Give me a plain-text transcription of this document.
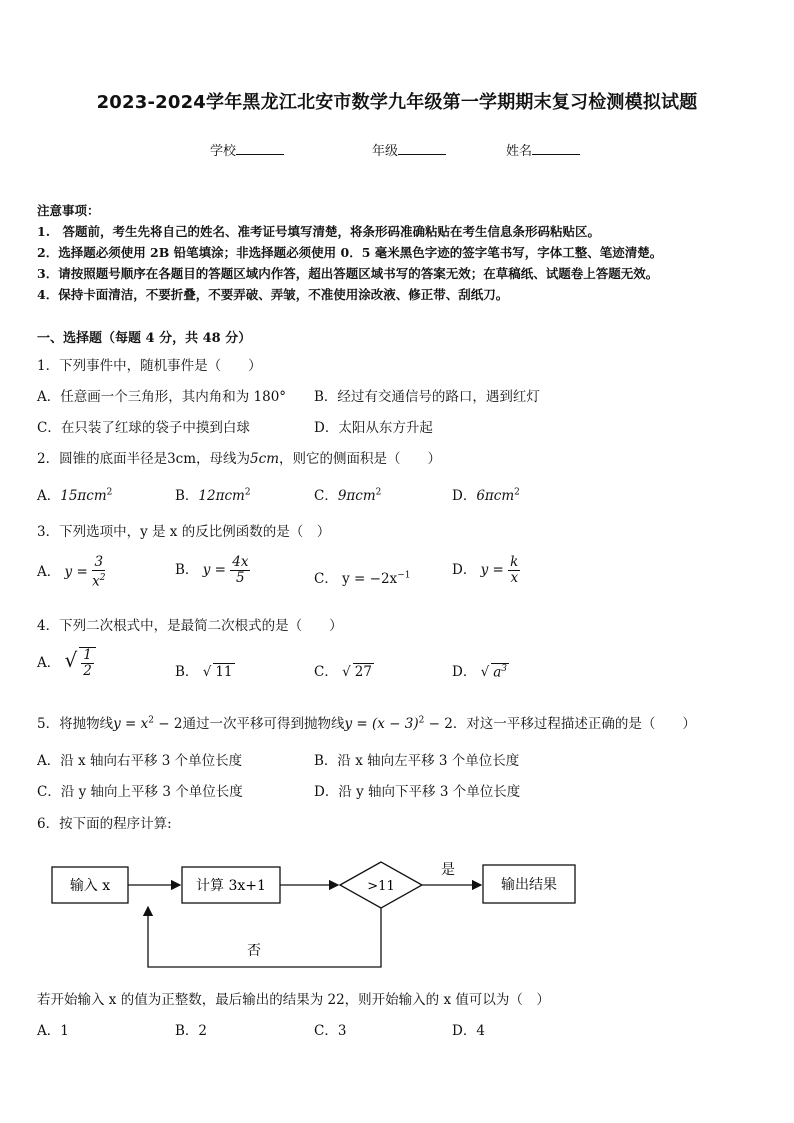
2023-2024学年黑龙江北安市数学九年级第一学期期末复习检测模拟试题
学校	年级	姓名
注意事项：
1.　答题前，考生先将自己的姓名、准考证号填写清楚，将条形码准确粘贴在考生信息条形码粘贴区。
2．选择题必须使用 2B 铅笔填涂；非选择题必须使用 0．5 毫米黑色字迹的签字笔书写，字体工整、笔迹清楚。
3．请按照题号顺序在各题目的答题区域内作答，超出答题区域书写的答案无效；在草稿纸、试题卷上答题无效。
4．保持卡面清洁，不要折叠，不要弄破、弄皱，不准使用涂改液、修正带、刮纸刀。
一、选择题（每题 4 分，共 48 分）
1．下列事件中，随机事件是（　　）
A．任意画一个三角形，其内角和为 180° B．经过有交通信号的路口，遇到红灯
C．在只装了红球的袋子中摸到白球	D．太阳从东方升起
2．圆锥的底面半径是3cm，母线为5cm，则它的侧面积是（　　）
A．15πcm$^2$	B．12πcm$^2$	C．9πcm$^2$	D．6πcm$^2$
3．下列选项中，y 是 x 的反比例函数的是（　）
A． $y = \frac{3}{x^2}$	B． $y = \frac{4x}{5}$	C． $y = -2x^{-1}$	D． $y = \frac{k}{x}$
4．下列二次根式中，是最简二次根式的是（　　）
A． √ $\frac{1}{2}$	B． √ 11	C． √ 27	D． √ $a^3$
5．将抛物线$y = x^2 - 2$通过一次平移可得到抛物线$y = (x - 3)^2 - 2$．对这一平移过程描述正确的是（　　）
A．沿 x 轴向右平移 3 个单位长度	B．沿 x 轴向左平移 3 个单位长度
C．沿 y 轴向上平移 3 个单位长度	D．沿 y 轴向下平移 3 个单位长度
6．按下面的程序计算:
输入 x	计算 3x+1	>11
是
输出结果
否
若开始输入 x 的值为正整数，最后输出的结果为 22，则开始输入的 x 值可以为（　）
A．1	B．2	C．3	D．4
